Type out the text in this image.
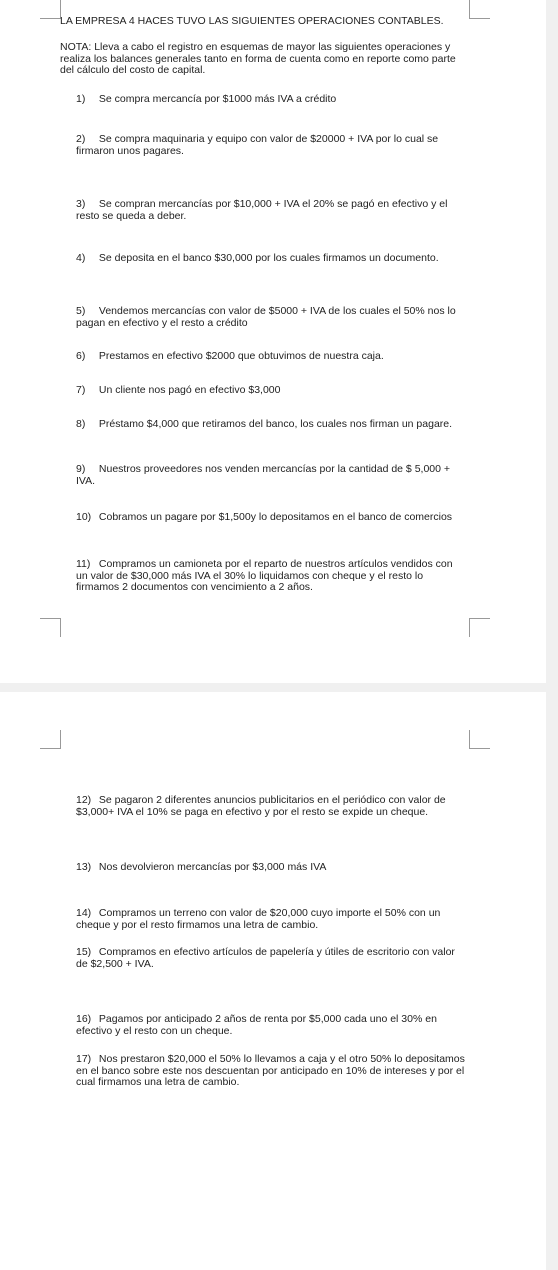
LA EMPRESA 4 HACES TUVO LAS SIGUIENTES OPERACIONES CONTABLES.
NOTA: Lleva a cabo el registro en esquemas de mayor las siguientes operaciones y realiza los balances generales tanto en forma de cuenta como en reporte como parte del cálculo del costo de capital.
1) Se compra mercancía por $1000 más IVA a crédito
2) Se compra maquinaria y equipo con valor de $20000 + IVA por lo cual se firmaron unos pagares.
3) Se compran mercancías por $10,000 + IVA el 20% se pagó en efectivo y el resto se queda a deber.
4) Se deposita en el banco $30,000 por los cuales firmamos un documento.
5) Vendemos mercancías con valor de $5000 + IVA de los cuales el 50% nos lo pagan en efectivo y el resto a crédito
6) Prestamos en efectivo $2000 que obtuvimos de nuestra caja.
7) Un cliente nos pagó en efectivo $3,000
8) Préstamo $4,000 que retiramos del banco, los cuales nos firman un pagare.
9) Nuestros proveedores nos venden mercancías por la cantidad de $ 5,000 + IVA.
10) Cobramos un pagare por $1,500y lo depositamos en el banco de comercios
11) Compramos un camioneta por el reparto de nuestros artículos vendidos con un valor de $30,000 más IVA el 30% lo liquidamos con cheque y el resto lo firmamos 2 documentos con vencimiento a 2 años.
12) Se pagaron 2 diferentes anuncios publicitarios en el periódico con valor de $3,000+ IVA el 10% se paga en efectivo y por el resto se expide un cheque.
13) Nos devolvieron mercancías por $3,000 más IVA
14) Compramos un terreno con valor de $20,000 cuyo importe el 50% con un cheque y por el resto firmamos una letra de cambio.
15) Compramos en efectivo artículos de papelería y útiles de escritorio con valor de $2,500 + IVA.
16) Pagamos por anticipado 2 años de renta por $5,000 cada uno el 30% en efectivo y el resto con un cheque.
17) Nos prestaron $20,000 el 50% lo llevamos a caja y el otro 50% lo depositamos en el banco sobre este nos descuentan por anticipado en 10% de intereses y por el cual firmamos una letra de cambio.
